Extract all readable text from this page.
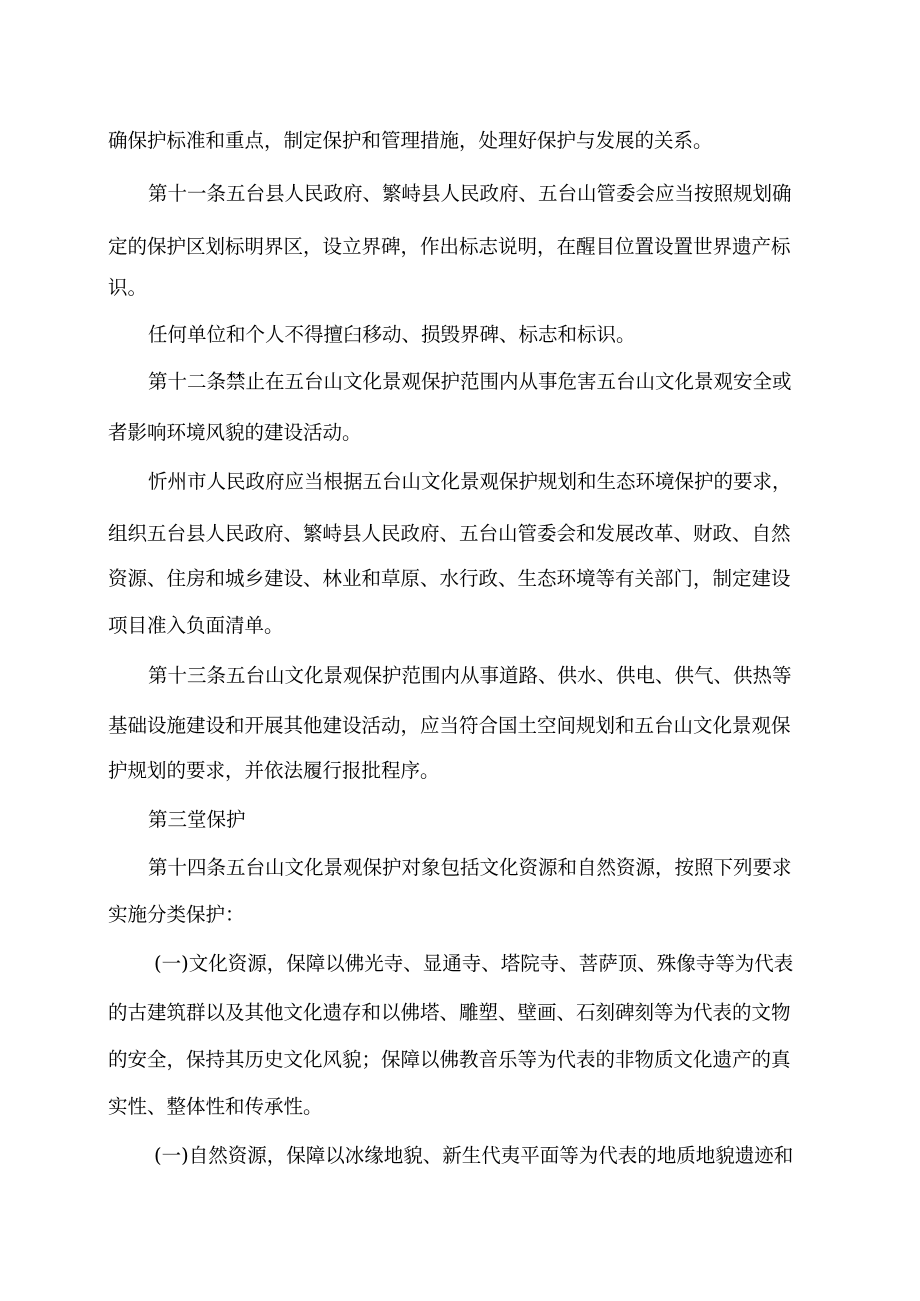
确保护标准和重点，制定保护和管理措施，处理好保护与发展的关系。
第十一条五台县人民政府、繁峙县人民政府、五台山管委会应当按照规划确
定的保护区划标明界区，设立界碑，作出标志说明，在醒目位置设置世界遗产标
识。
任何单位和个人不得擅臼移动、损毁界碑、标志和标识。
第十二条禁止在五台山文化景观保护范围内从事危害五台山文化景观安全或
者影响环境风貌的建设活动。
忻州市人民政府应当根据五台山文化景观保护规划和生态环境保护的要求，
组织五台县人民政府、繁峙县人民政府、五台山管委会和发展改革、财政、自然
资源、住房和城乡建设、林业和草原、水行政、生态环境等有关部门，制定建设
项目准入负面清单。
第十三条五台山文化景观保护范围内从事道路、供水、供电、供气、供热等
基础设施建设和开展其他建设活动，应当符合国土空间规划和五台山文化景观保
护规划的要求，并依法履行报批程序。
第三堂保护
第十四条五台山文化景观保护对象包括文化资源和自然资源，按照下列要求
实施分类保护：
(一)文化资源，保障以佛光寺、显通寺、塔院寺、菩萨顶、殊像寺等为代表
的古建筑群以及其他文化遗存和以佛塔、雕塑、壁画、石刻碑刻等为代表的文物
的安全，保持其历史文化风貌；保障以佛教音乐等为代表的非物质文化遗产的真
实性、整体性和传承性。
(一)自然资源，保障以冰缘地貌、新生代夷平面等为代表的地质地貌遗迹和
